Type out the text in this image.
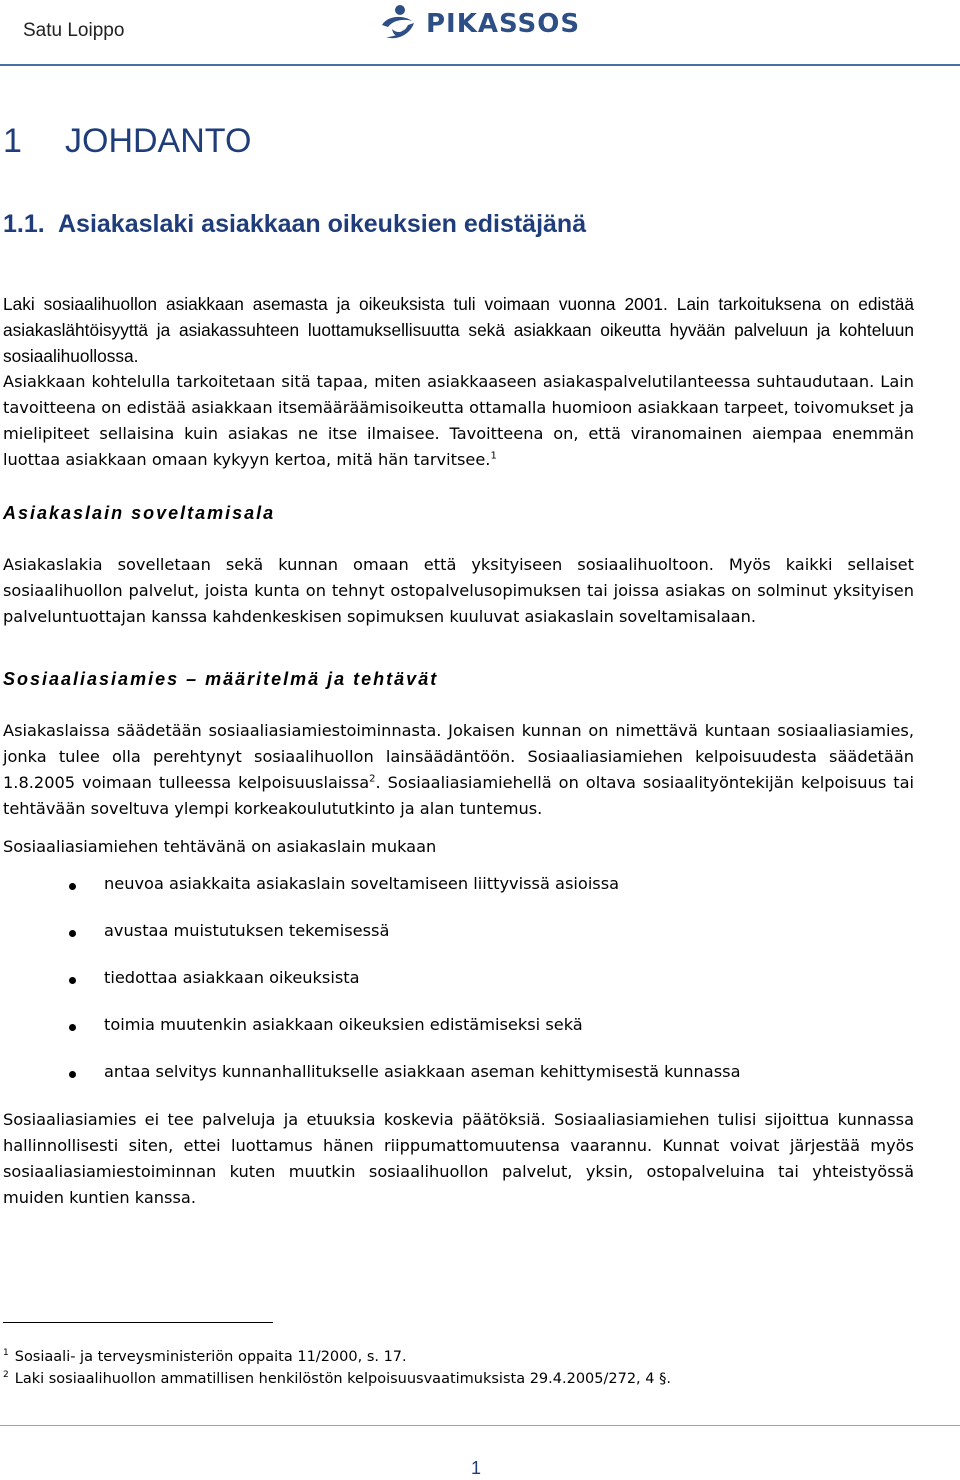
Satu Loippo	PIKASSOS
1 JOHDANTO
1.1. Asiakaslaki asiakkaan oikeuksien edistäjänä

Laki sosiaalihuollon asiakkaan asemasta ja oikeuksista tuli voimaan vuonna 2001. Lain tarkoituksena on edistää asiakaslähtöisyyttä ja asiakassuhteen luottamuksellisuutta sekä asiakkaan oikeutta hyvään palveluun ja kohteluun sosiaalihuollossa.

Asiakkaan kohtelulla tarkoitetaan sitä tapaa, miten asiakkaaseen asiakaspalvelutilanteessa suhtaudutaan. Lain tavoitteena on edistää asiakkaan itsemääräämisoikeutta ottamalla huomioon asiakkaan tarpeet, toivomukset ja mielipiteet sellaisina kuin asiakas ne itse ilmaisee. Tavoitteena on, että viranomainen aiempaa enemmän luottaa asiakkaan omaan kykyyn kertoa, mitä hän tarvitsee.$^1$

Asiakaslain soveltamisala

Asiakaslakia sovelletaan sekä kunnan omaan että yksityiseen sosiaalihuoltoon. Myös kaikki sellaiset sosiaalihuollon palvelut, joista kunta on tehnyt ostopalvelusopimuksen tai joissa asiakas on solminut yksityisen palveluntuottajan kanssa kahdenkeskisen sopimuksen kuuluvat asiakaslain soveltamisalaan.

Sosiaaliasiamies – määritelmä ja tehtävät

Asiakaslaissa säädetään sosiaaliasiamiestoiminnasta. Jokaisen kunnan on nimettävä kuntaan sosiaaliasiamies, jonka tulee olla perehtynyt sosiaalihuollon lainsäädäntöön. Sosiaaliasiamiehen kelpoisuudesta säädetään 1.8.2005 voimaan tulleessa kelpoisuuslaissa$^2$. Sosiaaliasiamiehellä on oltava sosiaalityöntekijän kelpoisuus tai tehtävään soveltuva ylempi korkeakoulututkinto ja alan tuntemus.

Sosiaaliasiamiehen tehtävänä on asiakaslain mukaan

neuvoa asiakkaita asiakaslain soveltamiseen liittyvissä asioissa
avustaa muistutuksen tekemisessä
tiedottaa asiakkaan oikeuksista
toimia muutenkin asiakkaan oikeuksien edistämiseksi sekä
antaa selvitys kunnanhallitukselle asiakkaan aseman kehittymisestä kunnassa

Sosiaaliasiamies ei tee palveluja ja etuuksia koskevia päätöksiä. Sosiaaliasiamiehen tulisi sijoittua kunnassa hallinnollisesti siten, ettei luottamus hänen riippumattomuutensa vaarannu. Kunnat voivat järjestää myös sosiaaliasiamiestoiminnan kuten muutkin sosiaalihuollon palvelut, yksin, ostopalveluina tai yhteistyössä muiden kuntien kanssa.

$^1$ Sosiaali- ja terveysministeriön oppaita 11/2000, s. 17.
$^2$ Laki sosiaalihuollon ammatillisen henkilöstön kelpoisuusvaatimuksista 29.4.2005/272, 4 §.
1
